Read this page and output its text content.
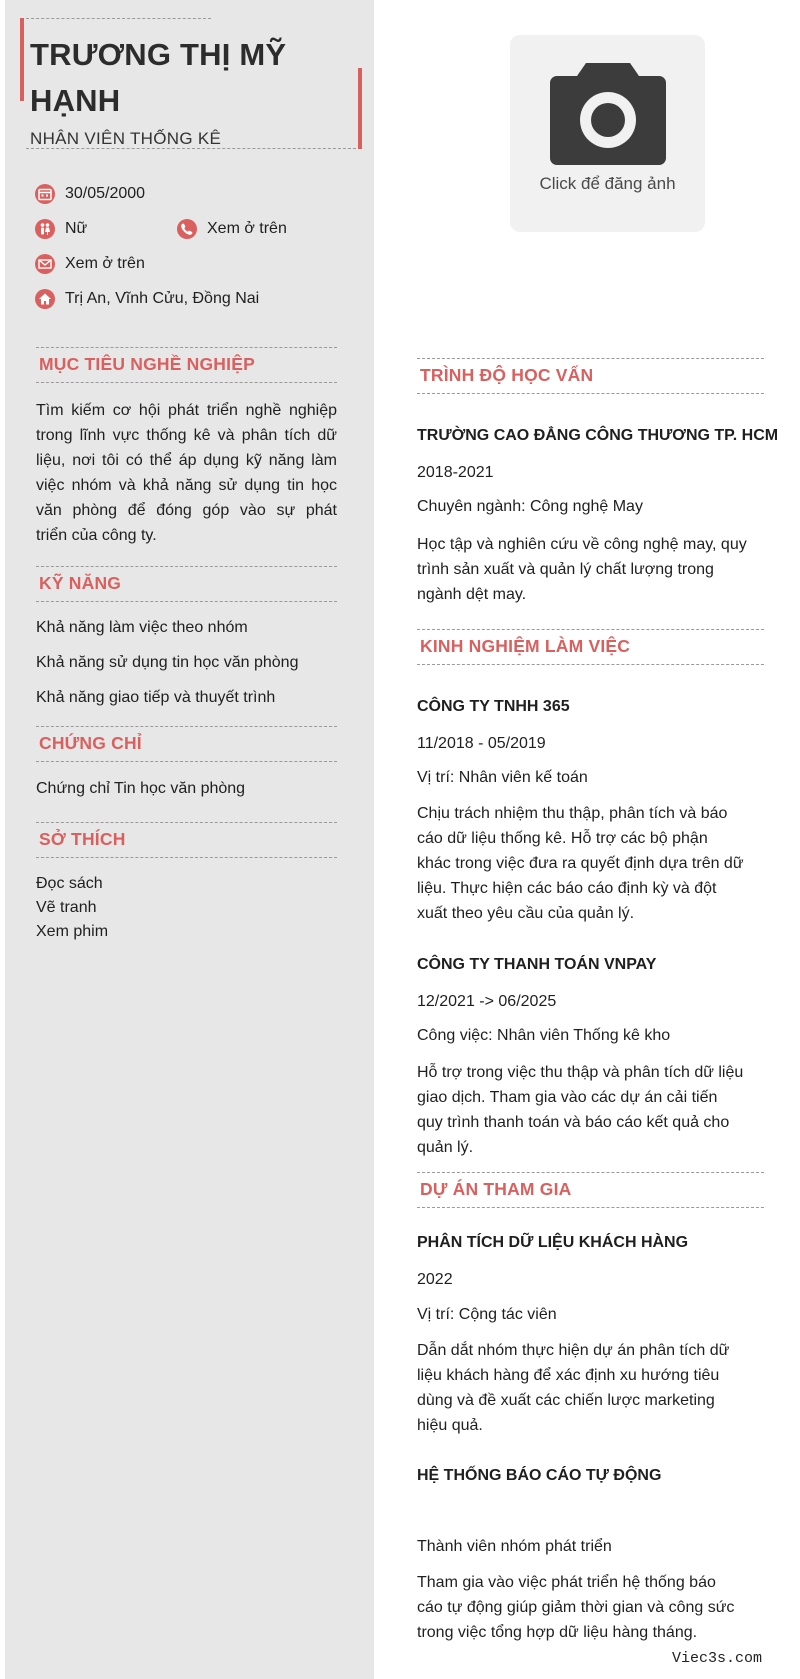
TRƯƠNG THỊ MỸ HẠNH
NHÂN VIÊN THỐNG KÊ
30/05/2000
Nữ	Xem ở trên
Xem ở trên
Trị An, Vĩnh Cửu, Đồng Nai
Click để đăng ảnh
MỤC TIÊU NGHỀ NGHIỆP
Tìm kiếm cơ hội phát triển nghề nghiệp
trong lĩnh vực thống kê và phân tích dữ
liệu, nơi tôi có thể áp dụng kỹ năng làm
việc nhóm và khả năng sử dụng tin học
văn phòng để đóng góp vào sự phát
triển của công ty.
KỸ NĂNG
Khả năng làm việc theo nhóm
Khả năng sử dụng tin học văn phòng
Khả năng giao tiếp và thuyết trình
CHỨNG CHỈ
Chứng chỉ Tin học văn phòng
SỞ THÍCH
Đọc sách
Vẽ tranh
Xem phim
TRÌNH ĐỘ HỌC VẤN
TRƯỜNG CAO ĐẲNG CÔNG THƯƠNG TP. HCM
2018-2021
Chuyên ngành: Công nghệ May
Học tập và nghiên cứu về công nghệ may, quy
trình sản xuất và quản lý chất lượng trong
ngành dệt may.
KINH NGHIỆM LÀM VIỆC
CÔNG TY TNHH 365
11/2018 - 05/2019
Vị trí: Nhân viên kế toán
Chịu trách nhiệm thu thập, phân tích và báo
cáo dữ liệu thống kê. Hỗ trợ các bộ phận
khác trong việc đưa ra quyết định dựa trên dữ
liệu. Thực hiện các báo cáo định kỳ và đột
xuất theo yêu cầu của quản lý.
CÔNG TY THANH TOÁN VNPAY
12/2021 -> 06/2025
Công việc: Nhân viên Thống kê kho
Hỗ trợ trong việc thu thập và phân tích dữ liệu
giao dịch. Tham gia vào các dự án cải tiến
quy trình thanh toán và báo cáo kết quả cho
quản lý.
DỰ ÁN THAM GIA
PHÂN TÍCH DỮ LIỆU KHÁCH HÀNG
2022
Vị trí: Cộng tác viên
Dẫn dắt nhóm thực hiện dự án phân tích dữ
liệu khách hàng để xác định xu hướng tiêu
dùng và đề xuất các chiến lược marketing
hiệu quả.
HỆ THỐNG BÁO CÁO TỰ ĐỘNG
Thành viên nhóm phát triển
Tham gia vào việc phát triển hệ thống báo
cáo tự động giúp giảm thời gian và công sức
trong việc tổng hợp dữ liệu hàng tháng.
Viec3s.com
